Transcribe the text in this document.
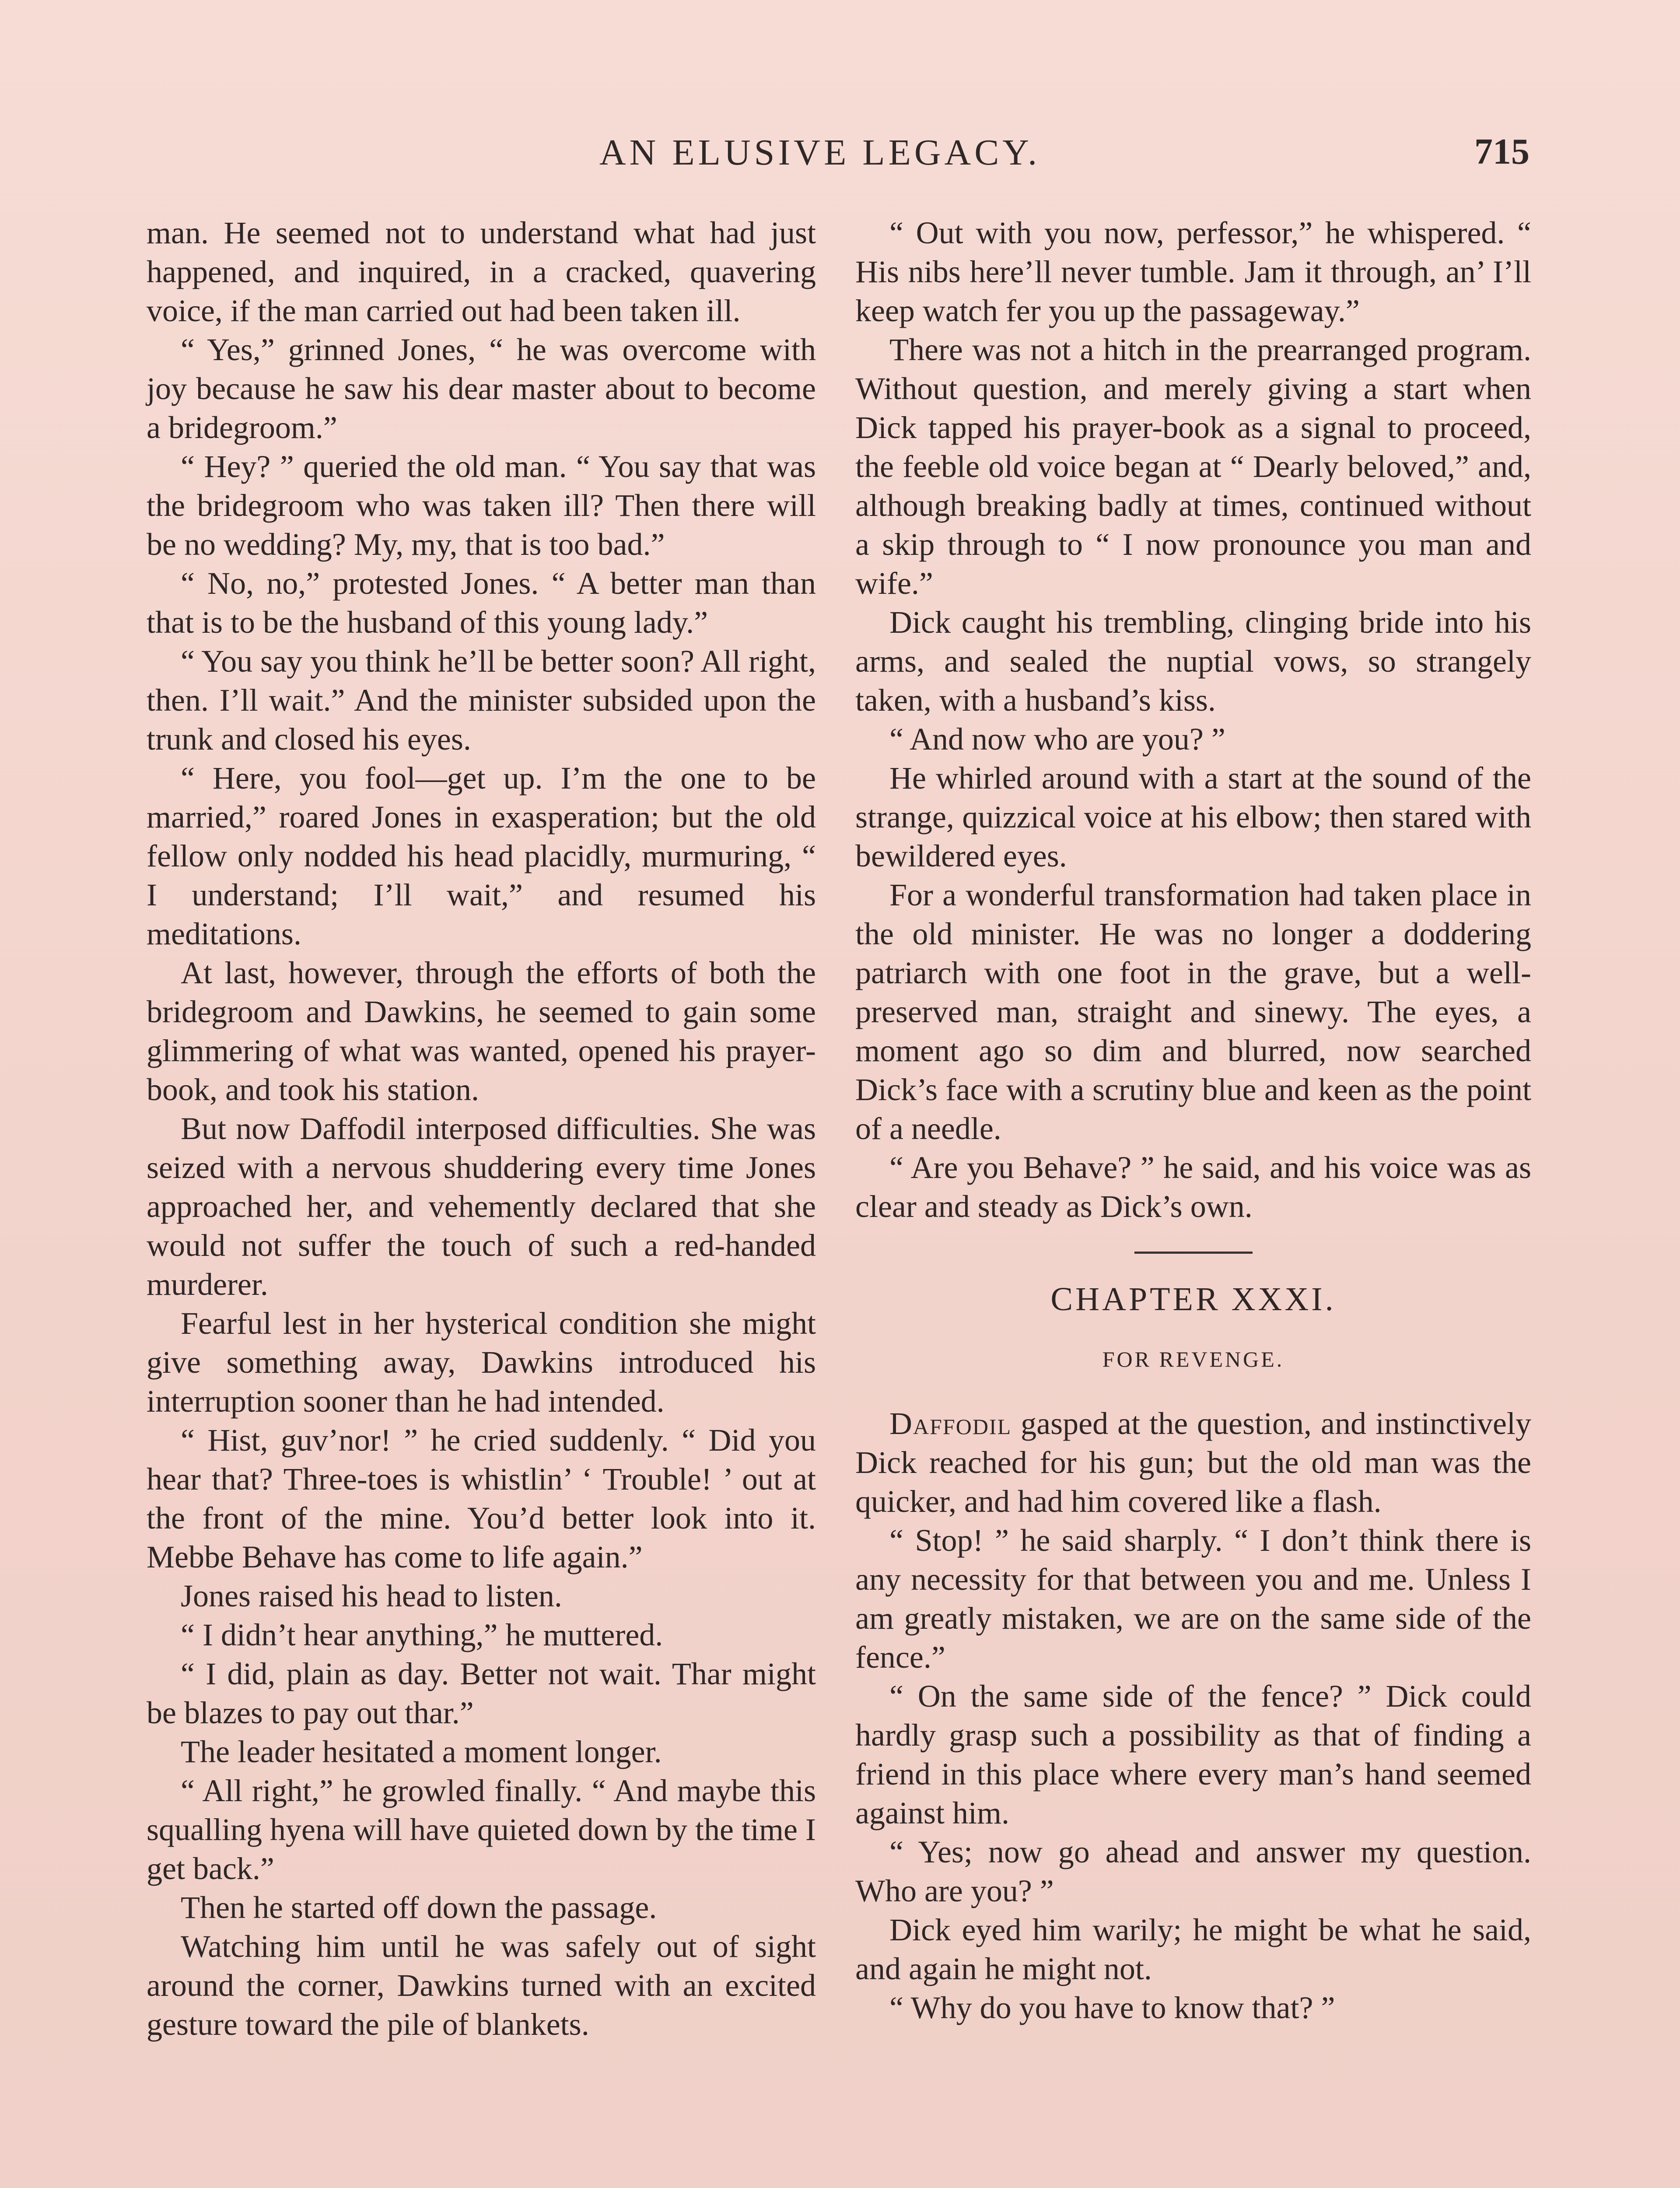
AN ELUSIVE LEGACY.	715

man. He seemed not to understand what had just happened, and inquired, in a cracked, quavering voice, if the man carried out had been taken ill.

“ Yes,” grinned Jones, “ he was overcome with joy because he saw his dear master about to become a bridegroom.”

“ Hey? ” queried the old man. “ You say that was the bridegroom who was taken ill? Then there will be no wedding? My, my, that is too bad.”

“ No, no,” protested Jones. “ A better man than that is to be the husband of this young lady.”

“ You say you think he’ll be better soon? All right, then. I’ll wait.” And the minister subsided upon the trunk and closed his eyes.

“ Here, you fool—get up. I’m the one to be married,” roared Jones in exasperation; but the old fellow only nodded his head placidly, murmuring, “ I understand; I’ll wait,” and resumed his meditations.

At last, however, through the efforts of both the bridegroom and Dawkins, he seemed to gain some glimmering of what was wanted, opened his prayer-book, and took his station.

But now Daffodil interposed difficulties. She was seized with a nervous shuddering every time Jones approached her, and vehemently declared that she would not suffer the touch of such a red-handed murderer.

Fearful lest in her hysterical condition she might give something away, Dawkins introduced his interruption sooner than he had intended.

“ Hist, guv’nor! ” he cried suddenly. “ Did you hear that? Three-toes is whistlin’ ‘ Trouble! ’ out at the front of the mine. You’d better look into it. Mebbe Behave has come to life again.”

Jones raised his head to listen.

“ I didn’t hear anything,” he muttered.

“ I did, plain as day. Better not wait. Thar might be blazes to pay out thar.”

The leader hesitated a moment longer.

“ All right,” he growled finally. “ And maybe this squalling hyena will have quieted down by the time I get back.”

Then he started off down the passage.

Watching him until he was safely out of sight around the corner, Dawkins turned with an excited gesture toward the pile of blankets.

“ Out with you now, perfessor,” he whispered. “ His nibs here’ll never tumble. Jam it through, an’ I’ll keep watch fer you up the passageway.”

There was not a hitch in the prearranged program. Without question, and merely giving a start when Dick tapped his prayer-book as a signal to proceed, the feeble old voice began at “ Dearly beloved,” and, although breaking badly at times, continued without a skip through to “ I now pronounce you man and wife.”

Dick caught his trembling, clinging bride into his arms, and sealed the nuptial vows, so strangely taken, with a husband’s kiss.

“ And now who are you? ”

He whirled around with a start at the sound of the strange, quizzical voice at his elbow; then stared with bewildered eyes.

For a wonderful transformation had taken place in the old minister. He was no longer a doddering patriarch with one foot in the grave, but a well-preserved man, straight and sinewy. The eyes, a moment ago so dim and blurred, now searched Dick’s face with a scrutiny blue and keen as the point of a needle.

“ Are you Behave? ” he said, and his voice was as clear and steady as Dick’s own.

CHAPTER XXXI.
FOR REVENGE.

Daffodil gasped at the question, and instinctively Dick reached for his gun; but the old man was the quicker, and had him covered like a flash.

“ Stop! ” he said sharply. “ I don’t think there is any necessity for that between you and me. Unless I am greatly mistaken, we are on the same side of the fence.”

“ On the same side of the fence? ” Dick could hardly grasp such a possibility as that of finding a friend in this place where every man’s hand seemed against him.

“ Yes; now go ahead and answer my question. Who are you? ”

Dick eyed him warily; he might be what he said, and again he might not.

“ Why do you have to know that? ”
